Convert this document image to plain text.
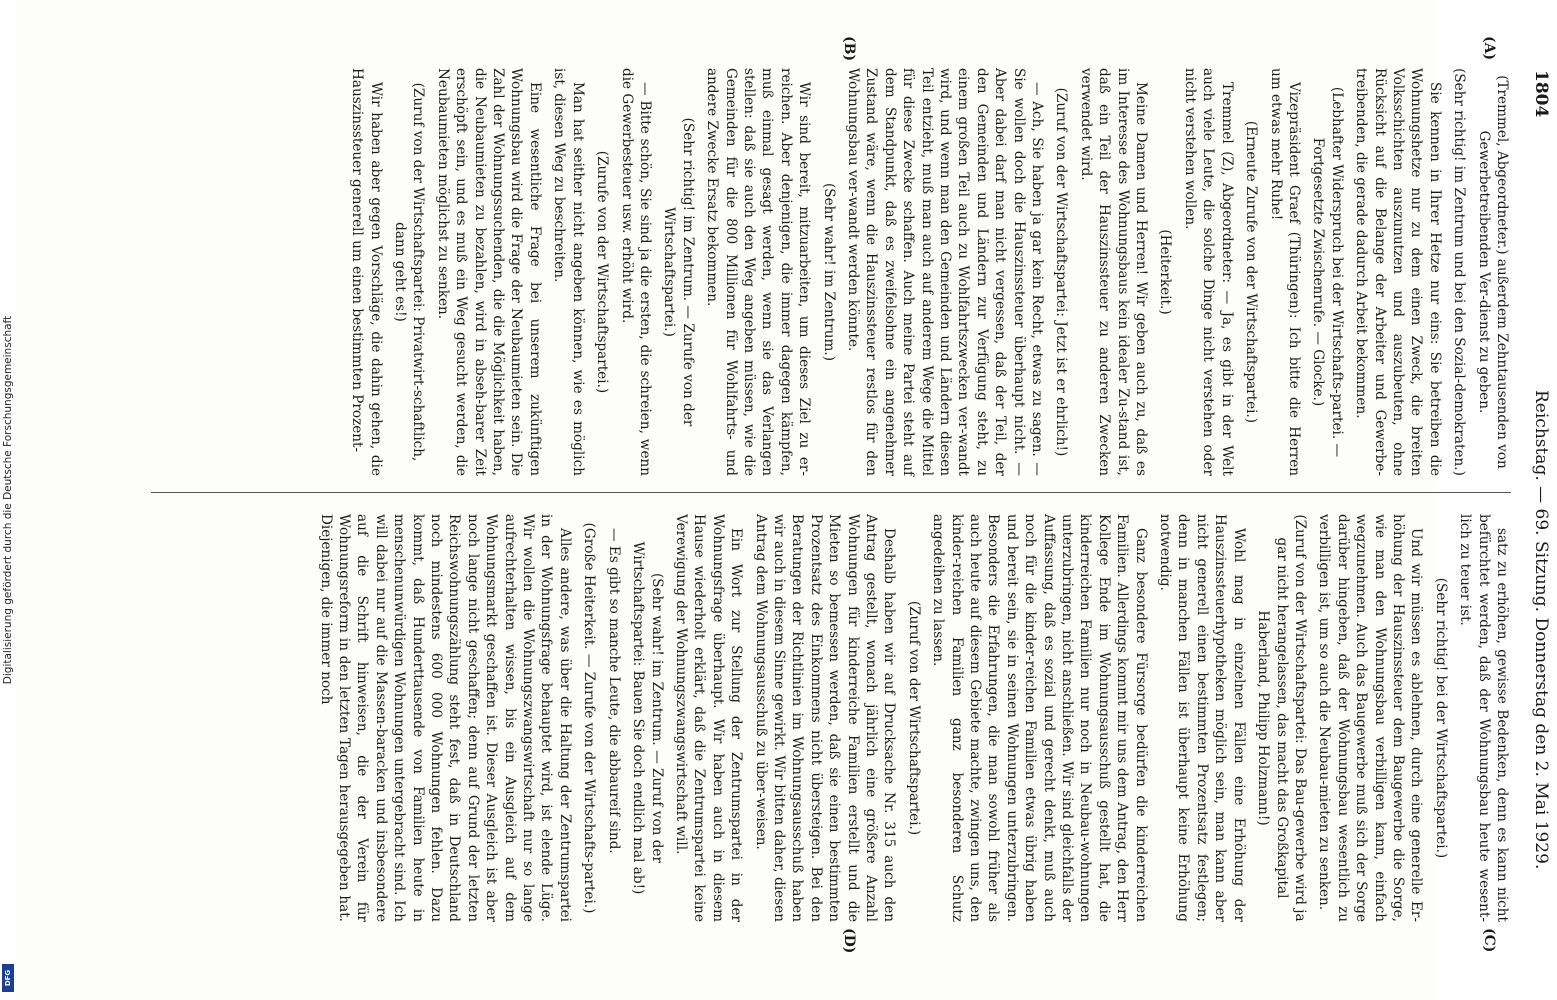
Digitalisierung gefördert durch die Deutsche Forschungsgemeinschaft
DFG
1804
Reichstag. — 69. Sitzung. Donnerstag den 2. Mai 1929.
(A)
(B)
(C)
(D)

(Tremmel, Abgeordneter.) außerdem Zehntausenden von Gewerbetreibenden Ver-dienst zu geben.

(Sehr richtig! im Zentrum und bei den Sozial-demokraten.)

Sie kennen in Ihrer Hetze nur eins: Sie betreiben die Wohnungshetze nur zu dem einen Zweck, die breiten Volksschichten auszunutzen und auszubeuten, ohne Rücksicht auf die Belange der Arbeiter und Gewerbe-treibenden, die gerade dadurch Arbeit bekommen.

(Lebhafter Widerspruch bei der Wirtschafts-partei. — Fortgesetzte Zwischenrufe. — Glocke.)

Vizepräsident Graef (Thüringen): Ich bitte die Herren um etwas mehr Ruhe!

(Erneute Zurufe von der Wirtschaftspartei.)

Tremmel (Z), Abgeordneter: — Ja, es gibt in der Welt auch viele Leute, die solche Dinge nicht verstehen oder nicht verstehen wollen.

(Heiterkeit.)

Meine Damen und Herren! Wir geben auch zu, daß es im Interesse des Wohnungsbaus kein idealer Zu-stand ist, daß ein Teil der Hauszinssteuer zu anderen Zwecken verwendet wird.

(Zuruf von der Wirtschaftspartei: Jetzt ist er ehrlich!)

— Ach, Sie haben ja gar kein Recht, etwas zu sagen. — Sie wollen doch die Hauszinssteuer überhaupt nicht. — Aber dabei darf man nicht vergessen, daß der Teil, der den Gemeinden und Ländern zur Verfügung steht, zu einem großen Teil auch zu Wohlfahrtszwecken ver-wandt wird, und wenn man den Gemeinden und Ländern diesen Teil entzieht, muß man auch auf anderem Wege die Mittel für diese Zwecke schaffen. Auch meine Partei steht auf dem Standpunkt, daß es zweifelsohne ein angenehmer Zustand wäre, wenn die Hauszinssteuer restlos für den Wohnungsbau ver-wandt werden könnte.

(Sehr wahr! im Zentrum.)

Wir sind bereit, mitzuarbeiten, um dieses Ziel zu er-reichen. Aber denjenigen, die immer dagegen kämpfen, muß einmal gesagt werden, wenn sie das Verlangen stellen: daß sie auch den Weg angeben müssen, wie die Gemeinden für die 800 Millionen für Wohlfahrts- und andere Zwecke Ersatz bekommen.

(Sehr richtig! im Zentrum. — Zurufe von der Wirtschaftspartei.)

— Bitte schön, Sie sind ja die ersten, die schreien, wenn die Gewerbesteuer usw. erhöht wird.

(Zurufe von der Wirtschaftspartei.)

Man hat seither nicht angeben können, wie es möglich ist, diesen Weg zu beschreiten.

Eine wesentliche Frage bei unserem zukünftigen Wohnungsbau wird die Frage der Neubaumieten sein. Die Zahl der Wohnungssuchenden, die die Möglichkeit haben, die Neubaumieten zu bezahlen, wird in abseh-barer Zeit erschöpft sein, und es muß ein Weg gesucht werden, die Neubaumieten möglichst zu senken.

(Zuruf von der Wirtschaftspartei: Privatwirt-schaftlich, dann geht es!)

Wir haben aber gegen Vorschläge, die dahin gehen, die Hauszinssteuer generell um einen bestimmten Prozent-

satz zu erhöhen, gewisse Bedenken, denn es kann nicht befürchtet werden, daß der Wohnungsbau heute wesent-lich zu teuer ist.

(Sehr richtig! bei der Wirtschaftspartei.)

Und wir müssen es ablehnen, durch eine generelle Er-höhung der Hauszinssteuer dem Baugewerbe die Sorge, wie man den Wohnungsbau verbilligen kann, einfach wegzunehmen. Auch das Baugewerbe muß sich der Sorge darüber hingeben, daß der Wohnungsbau wesentlich zu verbilligen ist, um so auch die Neubau-mieten zu senken.

(Zuruf von der Wirtschaftspartei: Das Bau-gewerbe wird ja gar nicht herangelassen, das macht das Großkapital Haberland, Philipp Holzmann!)

Wohl mag in einzelnen Fällen eine Erhöhung der Hauszinssteuerhypotheken möglich sein, man kann aber nicht generell einen bestimmten Prozentsatz festlegen; denn in manchen Fällen ist überhaupt keine Erhöhung notwendig.

Ganz besondere Fürsorge bedürfen die kinderreichen Familien. Allerdings kommt mir uns dem Antrag, den Herr Kollege Ende im Wohnungsausschuß gestellt hat, die kinderreichen Familien nur noch in Neubau-wohnungen unterzubringen, nicht anschließen. Wir sind gleichfalls der Auffassung, daß es sozial und gerecht denkt, muß auch noch für die kinder-reichen Familien etwas übrig haben und bereit sein, sie in seinen Wohnungen unterzubringen. Besonders die Erfahrungen, die man sowohl früher als auch heute auf diesem Gebiete machte, zwingen uns, den kinder-reichen Familien ganz besonderen Schutz angedeihen zu lassen.

(Zuruf von der Wirtschaftspartei.)

Deshalb haben wir auf Drucksache Nr. 315 auch den Antrag gestellt, wonach jährlich eine größere Anzahl Wohnungen für kinderreiche Familien erstellt und die Mieten so bemessen werden, daß sie einen bestimmten Prozentsatz des Einkommens nicht übersteigen. Bei den Beratungen der Richtlinien im Wohnungsausschuß haben wir auch in diesem Sinne gewirkt. Wir bitten daher, diesen Antrag dem Wohnungsausschuß zu über-weisen.

Ein Wort zur Stellung der Zentrumspartei in der Wohnungsfrage überhaupt. Wir haben auch in diesem Hause wiederholt erklärt, daß die Zentrumspartei keine Verewigung der Wohnungszwangswirtschaft will.

(Sehr wahr! im Zentrum. — Zuruf von der Wirtschaftspartei: Bauen Sie doch endlich mal ab!)

— Es gibt so manche Leute, die abbaureif sind.

(Große Heiterkeit. — Zurufe von der Wirtschafts-partei.)

Alles andere, was über die Haltung der Zentrumspartei in der Wohnungsfrage behauptet wird, ist elende Lüge. Wir wollen die Wohnungszwangswirtschaft nur so lange aufrechterhalten wissen, bis ein Ausgleich auf dem Wohnungsmarkt geschaffen ist. Dieser Ausgleich ist aber noch lange nicht geschaffen; denn auf Grund der letzten Reichswohnungszählung steht fest, daß in Deutschland noch mindestens 600 000 Wohnungen fehlen. Dazu kommt, daß Hunderttausende von Familien heute in menschenunwürdigen Wohnungen untergebracht sind. Ich will dabei nur auf die Massen-baracken und insbesondere auf die Schrift hinweisen, die der Verein für Wohnungsreform in den letzten Tagen herausgegeben hat. Diejenigen, die immer noch
